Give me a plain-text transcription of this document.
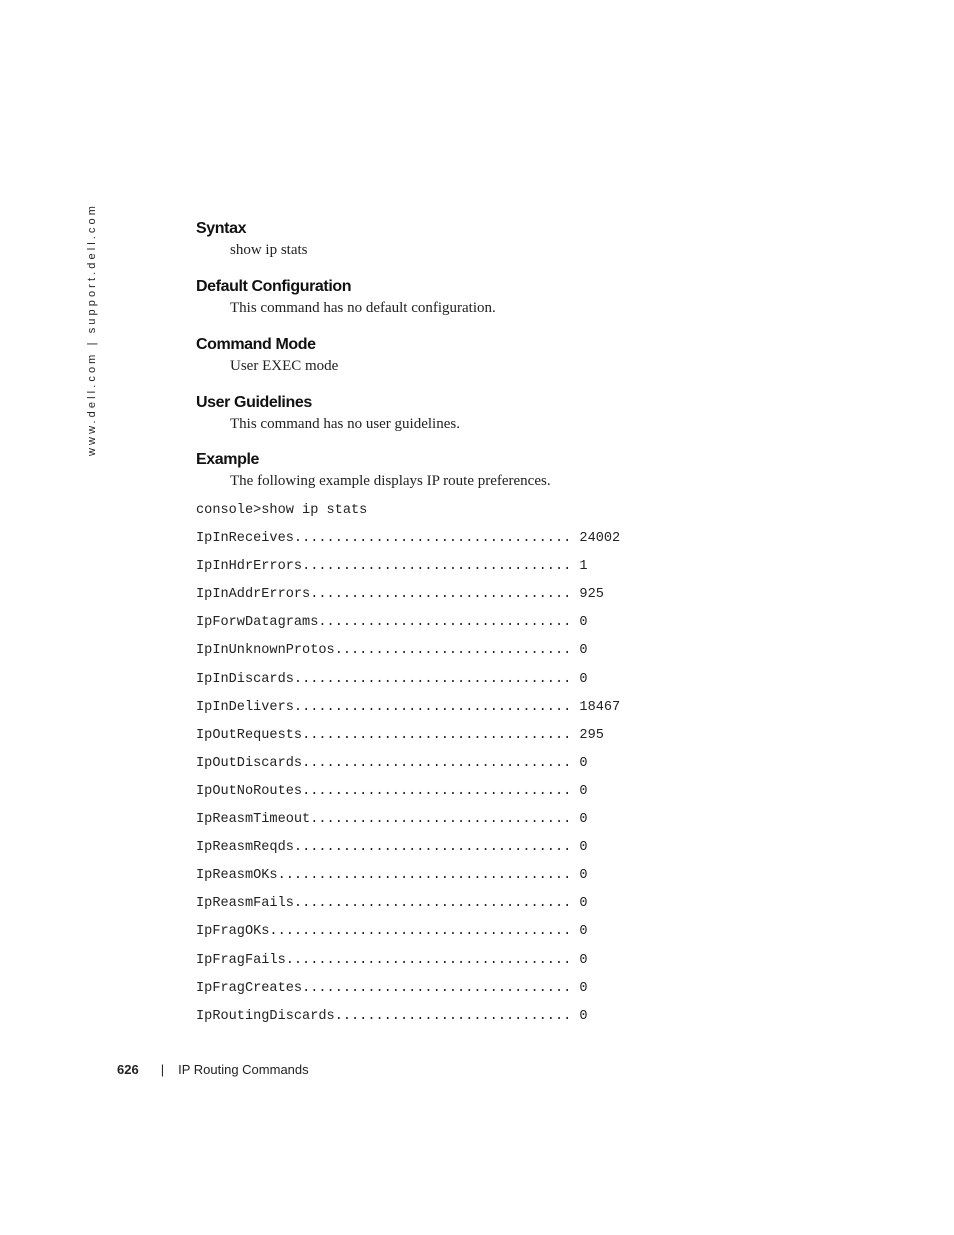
www.dell.com | support.dell.com	Syntax

show ip stats

Default Configuration

This command has no default configuration.

Command Mode

User EXEC mode

User Guidelines

This command has no user guidelines.

Example

The following example displays IP route preferences.

console>show ip stats
IpInReceives .................................. 24002
IpInHdrErrors ................................. 1
IpInAddrErrors ................................ 925
IpForwDatagrams ............................... 0
IpInUnknownProtos ............................. 0
IpInDiscards .................................. 0
IpInDelivers .................................. 18467
IpOutRequests ................................. 295
IpOutDiscards ................................. 0
IpOutNoRoutes ................................. 0
IpReasmTimeout ................................ 0
IpReasmReqds .................................. 0
IpReasmOKs .................................... 0
IpReasmFails .................................. 0
IpFragOKs ..................................... 0
IpFragFails ................................... 0
IpFragCreates ................................. 0
IpRoutingDiscards ............................. 0
626 | IP Routing Commands
